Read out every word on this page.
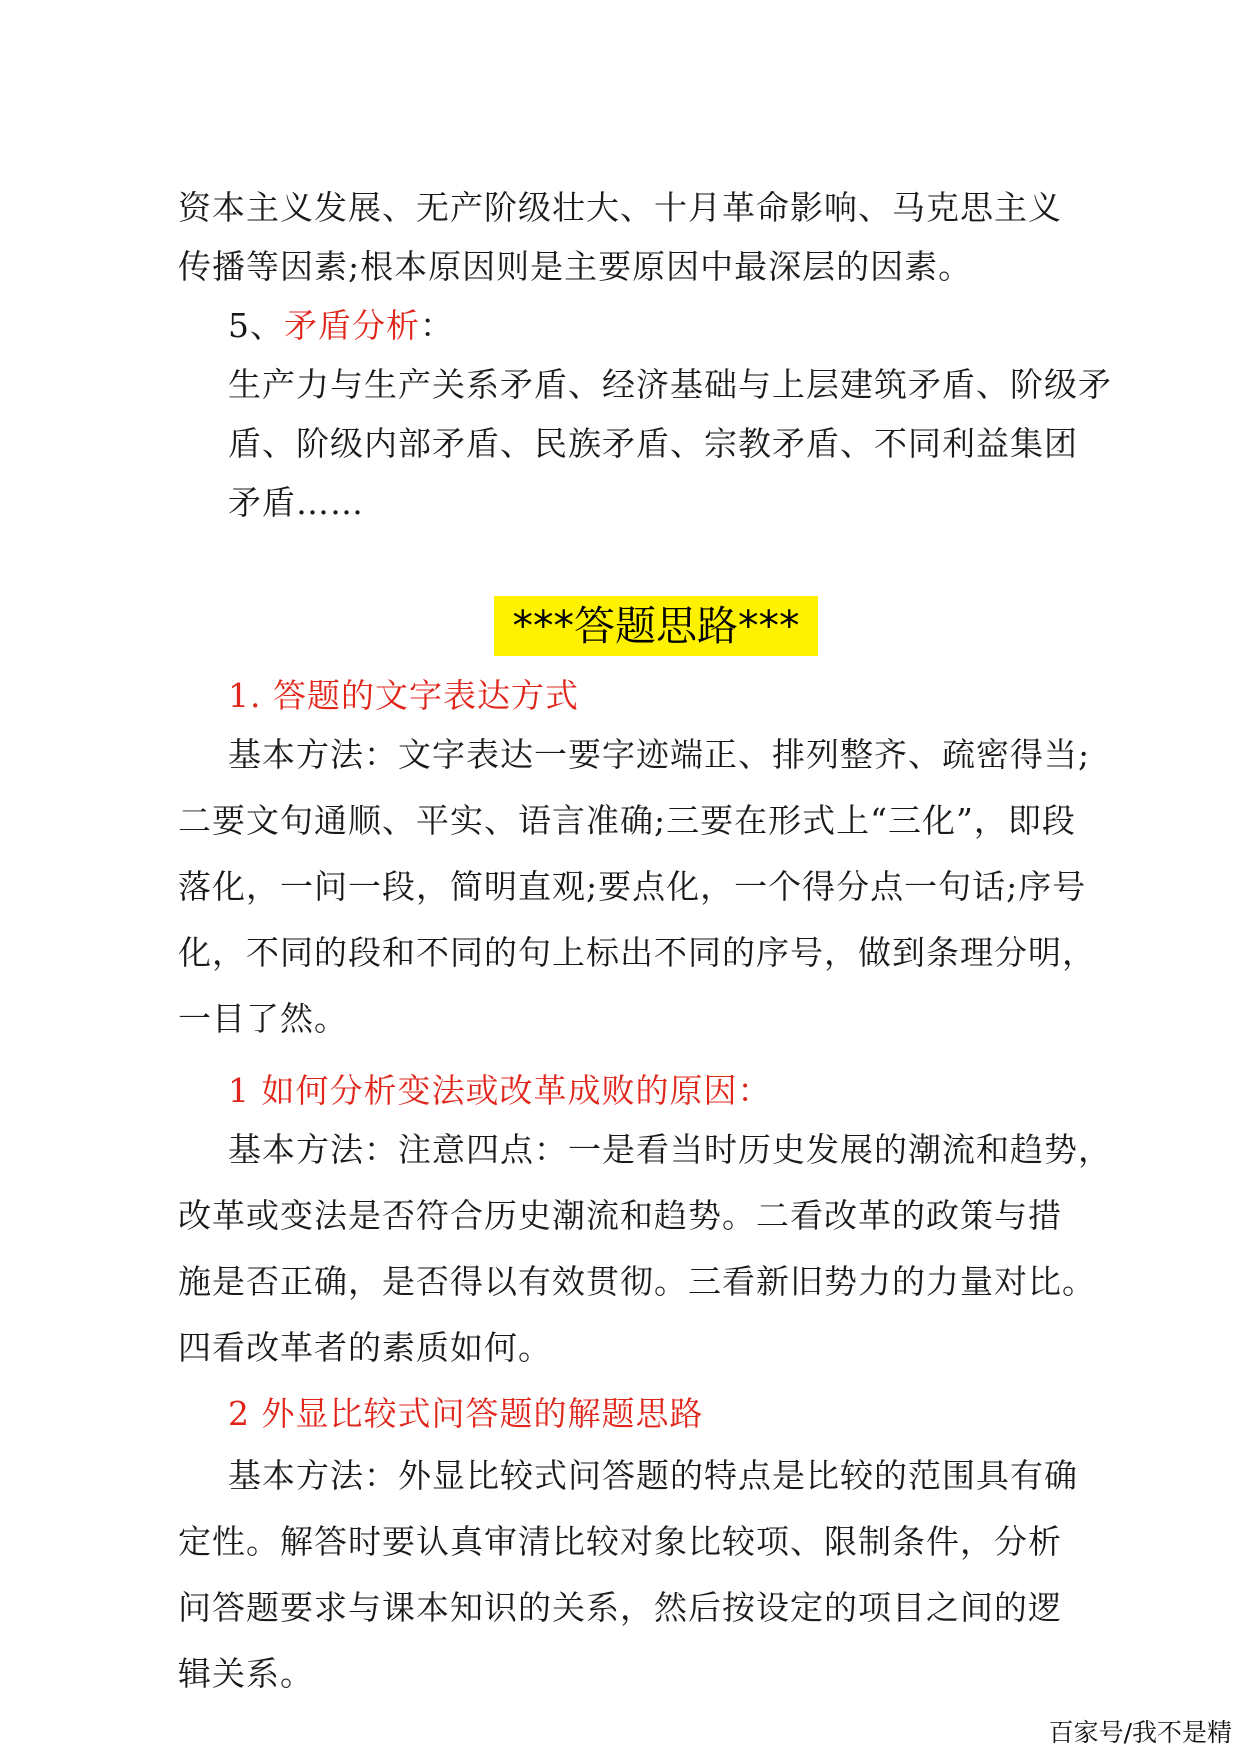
资本主义发展、无产阶级壮大、十月革命影响、马克思主义
传播等因素;根本原因则是主要原因中最深层的因素。
5、矛盾分析：
生产力与生产关系矛盾、经济基础与上层建筑矛盾、阶级矛
盾、阶级内部矛盾、民族矛盾、宗教矛盾、不同利益集团
矛盾……
***答题思路***
1. 答题的文字表达方式
基本方法：文字表达一要字迹端正、排列整齐、疏密得当;
二要文句通顺、平实、语言准确;三要在形式上“三化”，即段
落化，一问一段，简明直观;要点化，一个得分点一句话;序号
化，不同的段和不同的句上标出不同的序号，做到条理分明，
一目了然。
1 如何分析变法或改革成败的原因：
基本方法：注意四点：一是看当时历史发展的潮流和趋势，
改革或变法是否符合历史潮流和趋势。二看改革的政策与措
施是否正确，是否得以有效贯彻。三看新旧势力的力量对比。
四看改革者的素质如何。
2 外显比较式问答题的解题思路
基本方法：外显比较式问答题的特点是比较的范围具有确
定性。解答时要认真审清比较对象比较项、限制条件，分析
问答题要求与课本知识的关系，然后按设定的项目之间的逻
辑关系。
百家号/我不是精
